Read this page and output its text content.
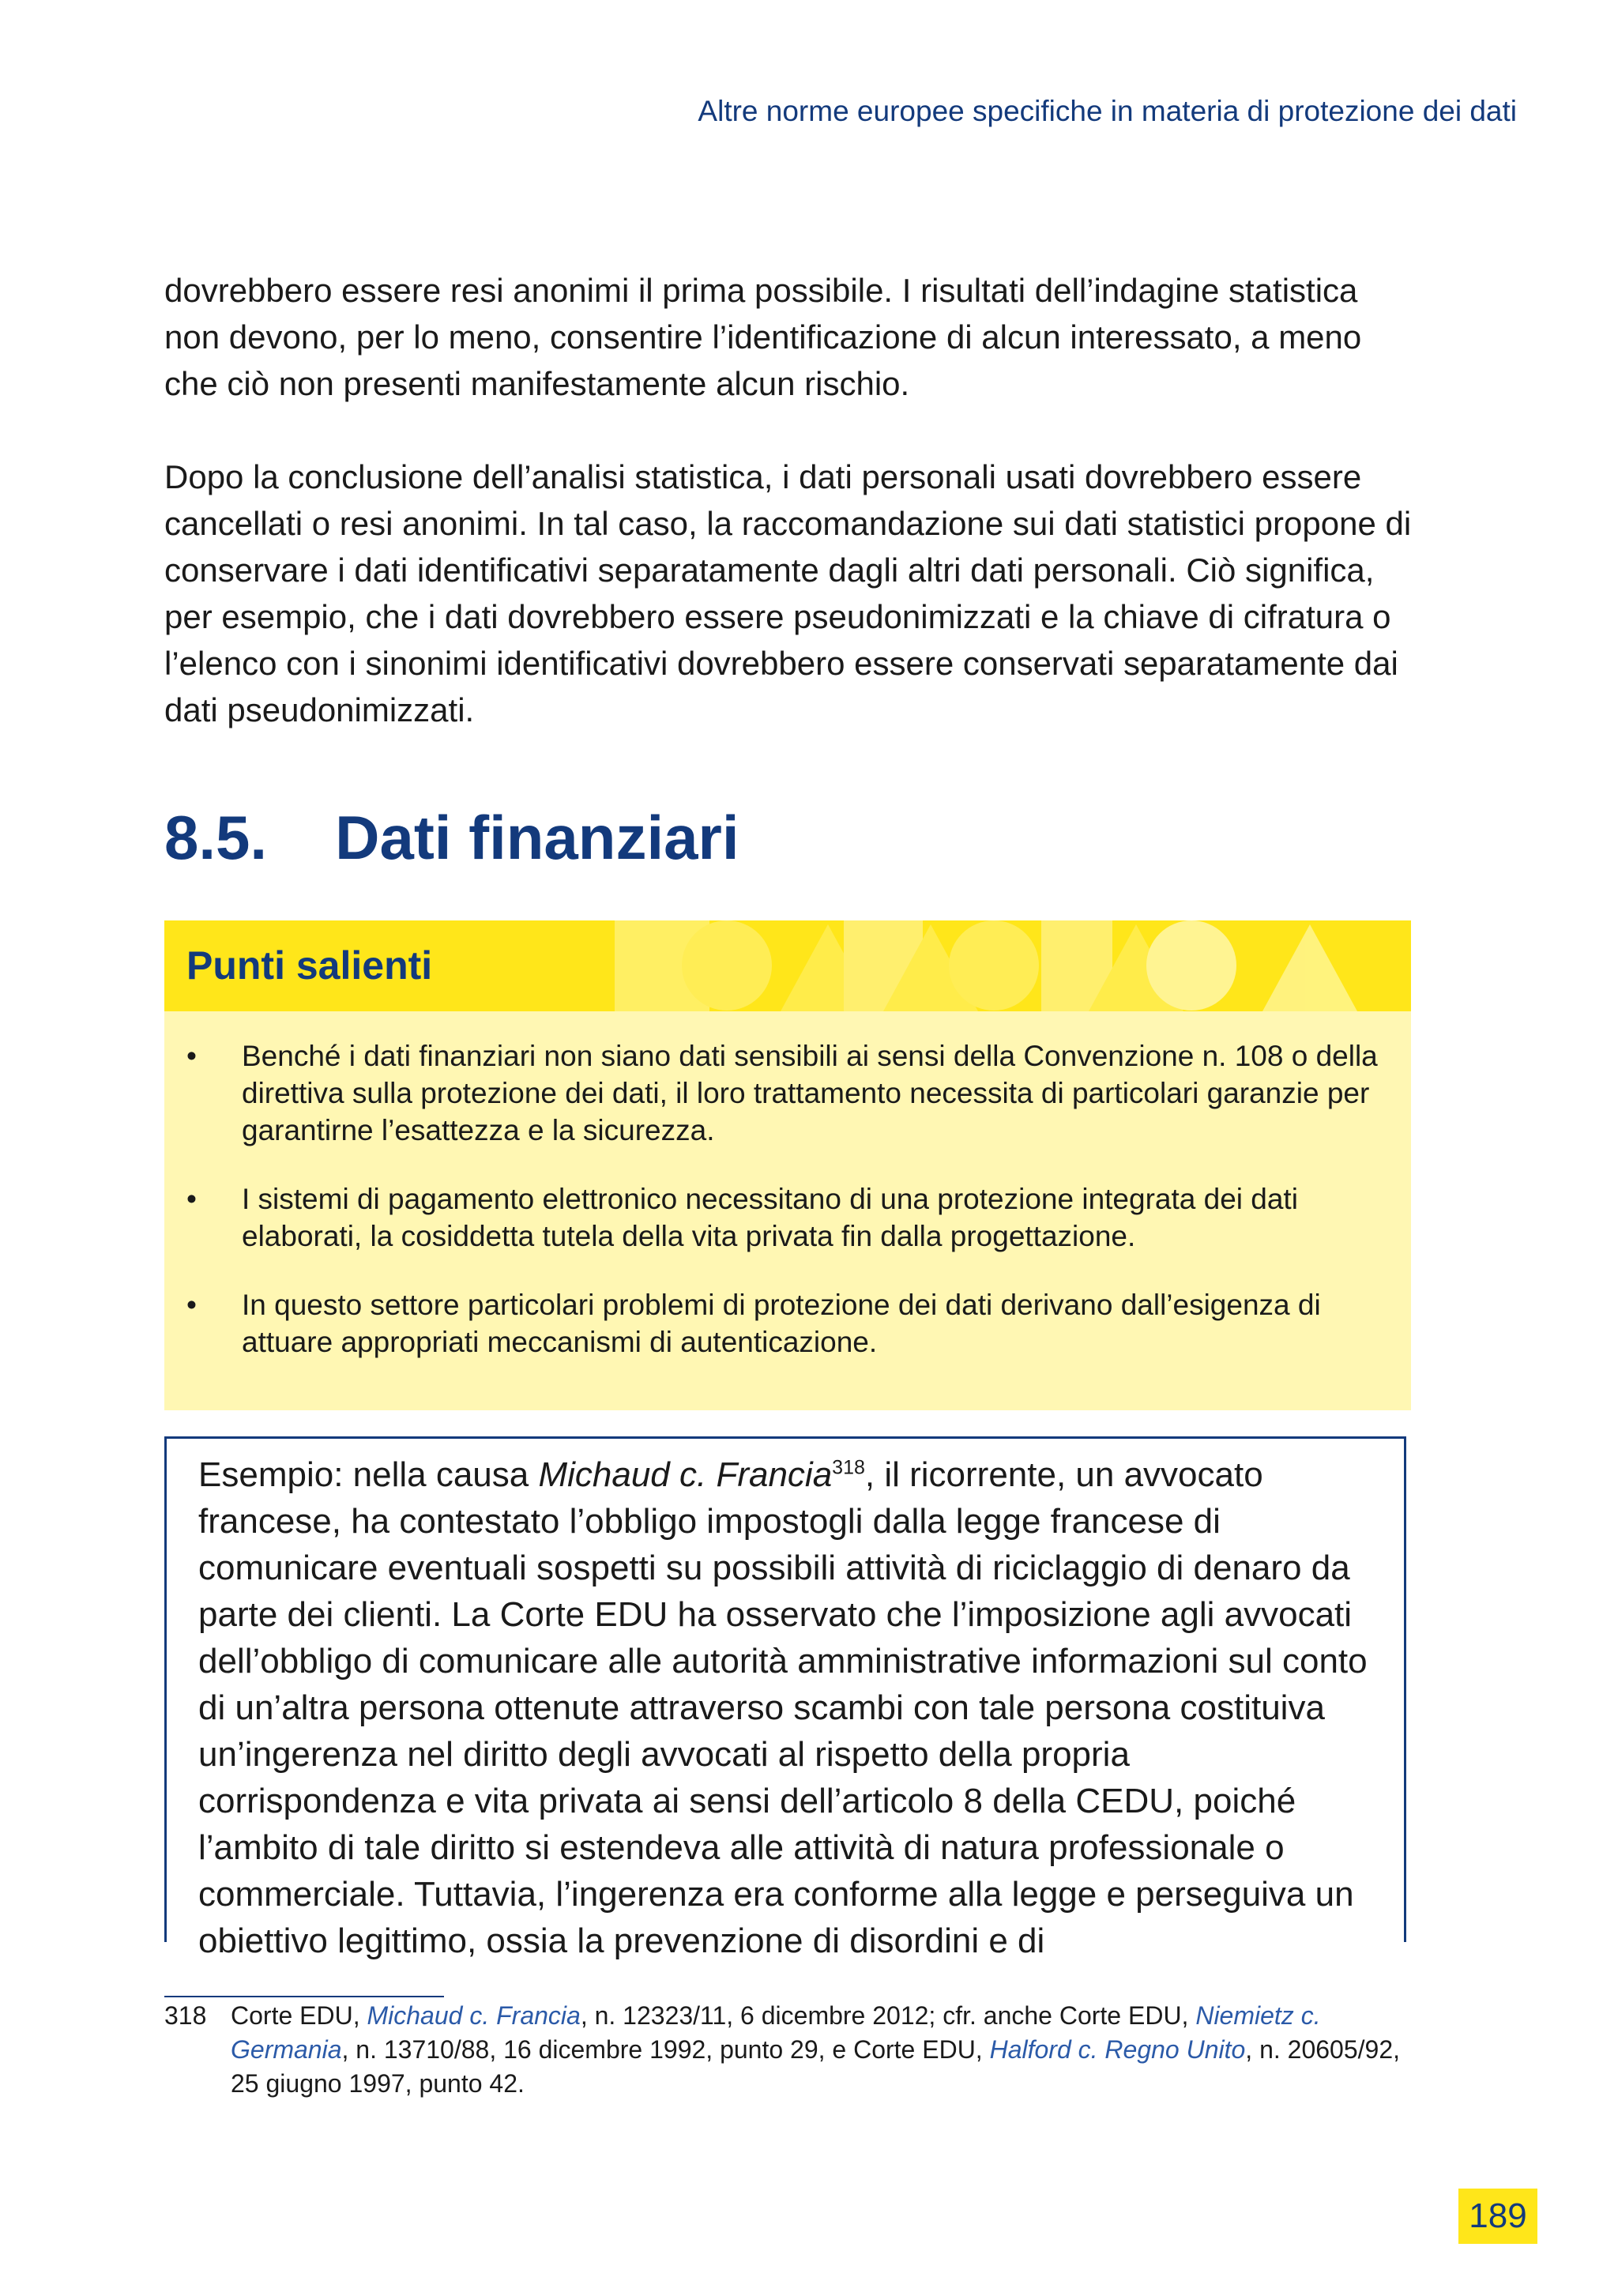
Altre norme europee specifiche in materia di protezione dei dati

dovrebbero essere resi anonimi il prima possibile. I risultati dell’indagine statistica non devono, per lo meno, consentire l’identificazione di alcun interessato, a meno che ciò non presenti manifestamente alcun rischio.

Dopo la conclusione dell’analisi statistica, i dati personali usati dovrebbero essere cancellati o resi anonimi. In tal caso, la raccomandazione sui dati statistici propone di conservare i dati identificativi separatamente dagli altri dati personali. Ciò significa, per esempio, che i dati dovrebbero essere pseudonimizzati e la chiave di cifratura o l’elenco con i sinonimi identificativi dovrebbero essere conservati separatamente dai dati pseudonimizzati.

8.5. Dati finanziari
Punti salienti
• Benché i dati finanziari non siano dati sensibili ai sensi della Convenzione n. 108 o della direttiva sulla protezione dei dati, il loro trattamento necessita di particolari garanzie per garantirne l’esattezza e la sicurezza.
• I sistemi di pagamento elettronico necessitano di una protezione integrata dei dati elaborati, la cosiddetta tutela della vita privata fin dalla progettazione.
• In questo settore particolari problemi di protezione dei dati derivano dall’esigenza di attuare appropriati meccanismi di autenticazione.

Esempio: nella causa Michaud c. Francia$^{318}$, il ricorrente, un avvocato francese, ha contestato l’obbligo impostogli dalla legge francese di comunicare eventuali sospetti su possibili attività di riciclaggio di denaro da parte dei clienti. La Corte EDU ha osservato che l’imposizione agli avvocati dell’obbligo di comunicare alle autorità amministrative informazioni sul conto di un’altra persona ottenute attraverso scambi con tale persona costituiva un’ingerenza nel diritto degli avvocati al rispetto della propria corrispondenza e vita privata ai sensi dell’articolo 8 della CEDU, poiché l’ambito di tale diritto si estendeva alle attività di natura professionale o commerciale. Tuttavia, l’ingerenza era conforme alla legge e perseguiva un obiettivo legittimo, ossia la prevenzione di disordini e di

318 Corte EDU, Michaud c. Francia, n. 12323/11, 6 dicembre 2012; cfr. anche Corte EDU, Niemietz c. Germania, n. 13710/88, 16 dicembre 1992, punto 29, e Corte EDU, Halford c. Regno Unito, n. 20605/92, 25 giugno 1997, punto 42.
189
